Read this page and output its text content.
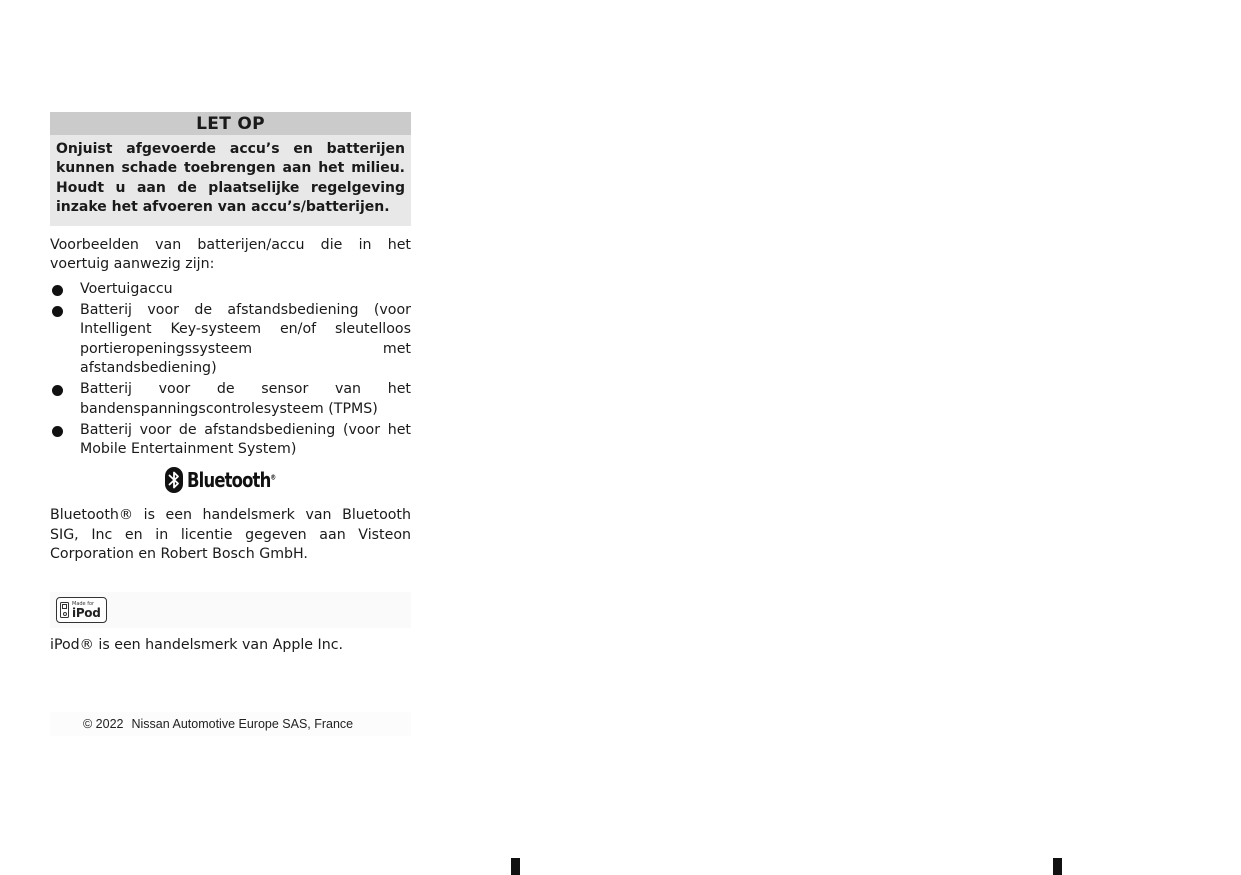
LET OP
Onjuist afgevoerde accu’s en batterijen kunnen schade toebrengen aan het milieu. Houdt u aan de plaatselijke regelgeving inzake het afvoeren van accu’s/batterijen.
Voorbeelden van batterijen/accu die in het voertuig aanwezig zijn:
Voertuigaccu
Batterij voor de afstandsbediening (voor Intelligent Key-systeem en/of sleutelloos portieropeningssysteem met afstandsbediening)
Batterij voor de sensor van het bandenspanningscontrolesysteem (TPMS)
Batterij voor de afstandsbediening (voor het Mobile Entertainment System)
Bluetooth®
Bluetooth® is een handelsmerk van Bluetooth SIG, Inc en in licentie gegeven aan Visteon Corporation en Robert Bosch GmbH.
Made for
iPod
iPod® is een handelsmerk van Apple Inc.
© 2022 Nissan Automotive Europe SAS, France
